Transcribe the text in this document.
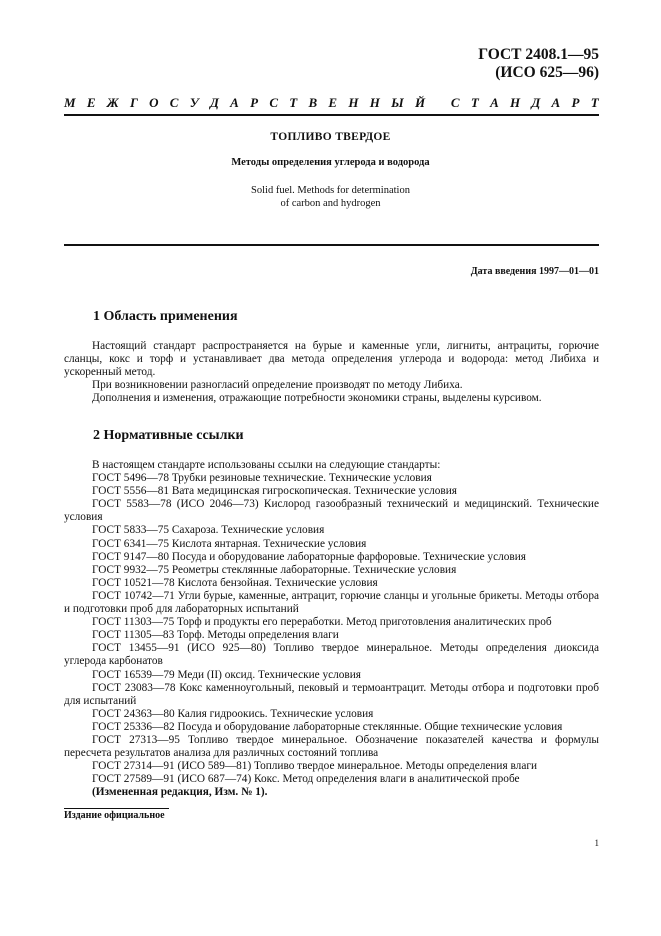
ГОСТ 2408.1—95
(ИСО 625—96)
М Е Ж Г О С У Д А Р С Т В Е Н Н Ы Й
С Т А Н Д А Р Т
ТОПЛИВО ТВЕРДОЕ
Методы определения углерода и водорода
Solid fuel. Methods for determination
of carbon and hydrogen
Дата введения 1997—01—01
1 Область применения

Настоящий стандарт распространяется на бурые и каменные угли, лигниты, антрациты, горючие сланцы, кокс и торф и устанавливает два метода определения углерода и водорода: метод Либиха и ускоренный метод.

При возникновении разногласий определение производят по методу Либиха.

Дополнения и изменения, отражающие потребности экономики страны, выделены курсивом.

2 Нормативные ссылки

В настоящем стандарте использованы ссылки на следующие стандарты:

ГОСТ 5496—78 Трубки резиновые технические. Технические условия

ГОСТ 5556—81 Вата медицинская гигроскопическая. Технические условия

ГОСТ 5583—78 (ИСО 2046—73) Кислород газообразный технический и медицинский. Технические условия

ГОСТ 5833—75 Сахароза. Технические условия

ГОСТ 6341—75 Кислота янтарная. Технические условия

ГОСТ 9147—80 Посуда и оборудование лабораторные фарфоровые. Технические условия

ГОСТ 9932—75 Реометры стеклянные лабораторные. Технические условия

ГОСТ 10521—78 Кислота бензойная. Технические условия

ГОСТ 10742—71 Угли бурые, каменные, антрацит, горючие сланцы и угольные брикеты. Методы отбора и подготовки проб для лабораторных испытаний

ГОСТ 11303—75 Торф и продукты его переработки. Метод приготовления аналитических проб

ГОСТ 11305—83 Торф. Методы определения влаги

ГОСТ 13455—91 (ИСО 925—80) Топливо твердое минеральное. Методы определения диоксида углерода карбонатов

ГОСТ 16539—79 Меди (II) оксид. Технические условия

ГОСТ 23083—78 Кокс каменноугольный, пековый и термоантрацит. Методы отбора и подготовки проб для испытаний

ГОСТ 24363—80 Калия гидроокись. Технические условия

ГОСТ 25336—82 Посуда и оборудование лабораторные стеклянные. Общие технические условия

ГОСТ 27313—95 Топливо твердое минеральное. Обозначение показателей качества и формулы пересчета результатов анализа для различных состояний топлива

ГОСТ 27314—91 (ИСО 589—81) Топливо твердое минеральное. Методы определения влаги

ГОСТ 27589—91 (ИСО 687—74) Кокс. Метод определения влаги в аналитической пробе

(Измененная редакция, Изм. № 1).

Издание официальное
1
